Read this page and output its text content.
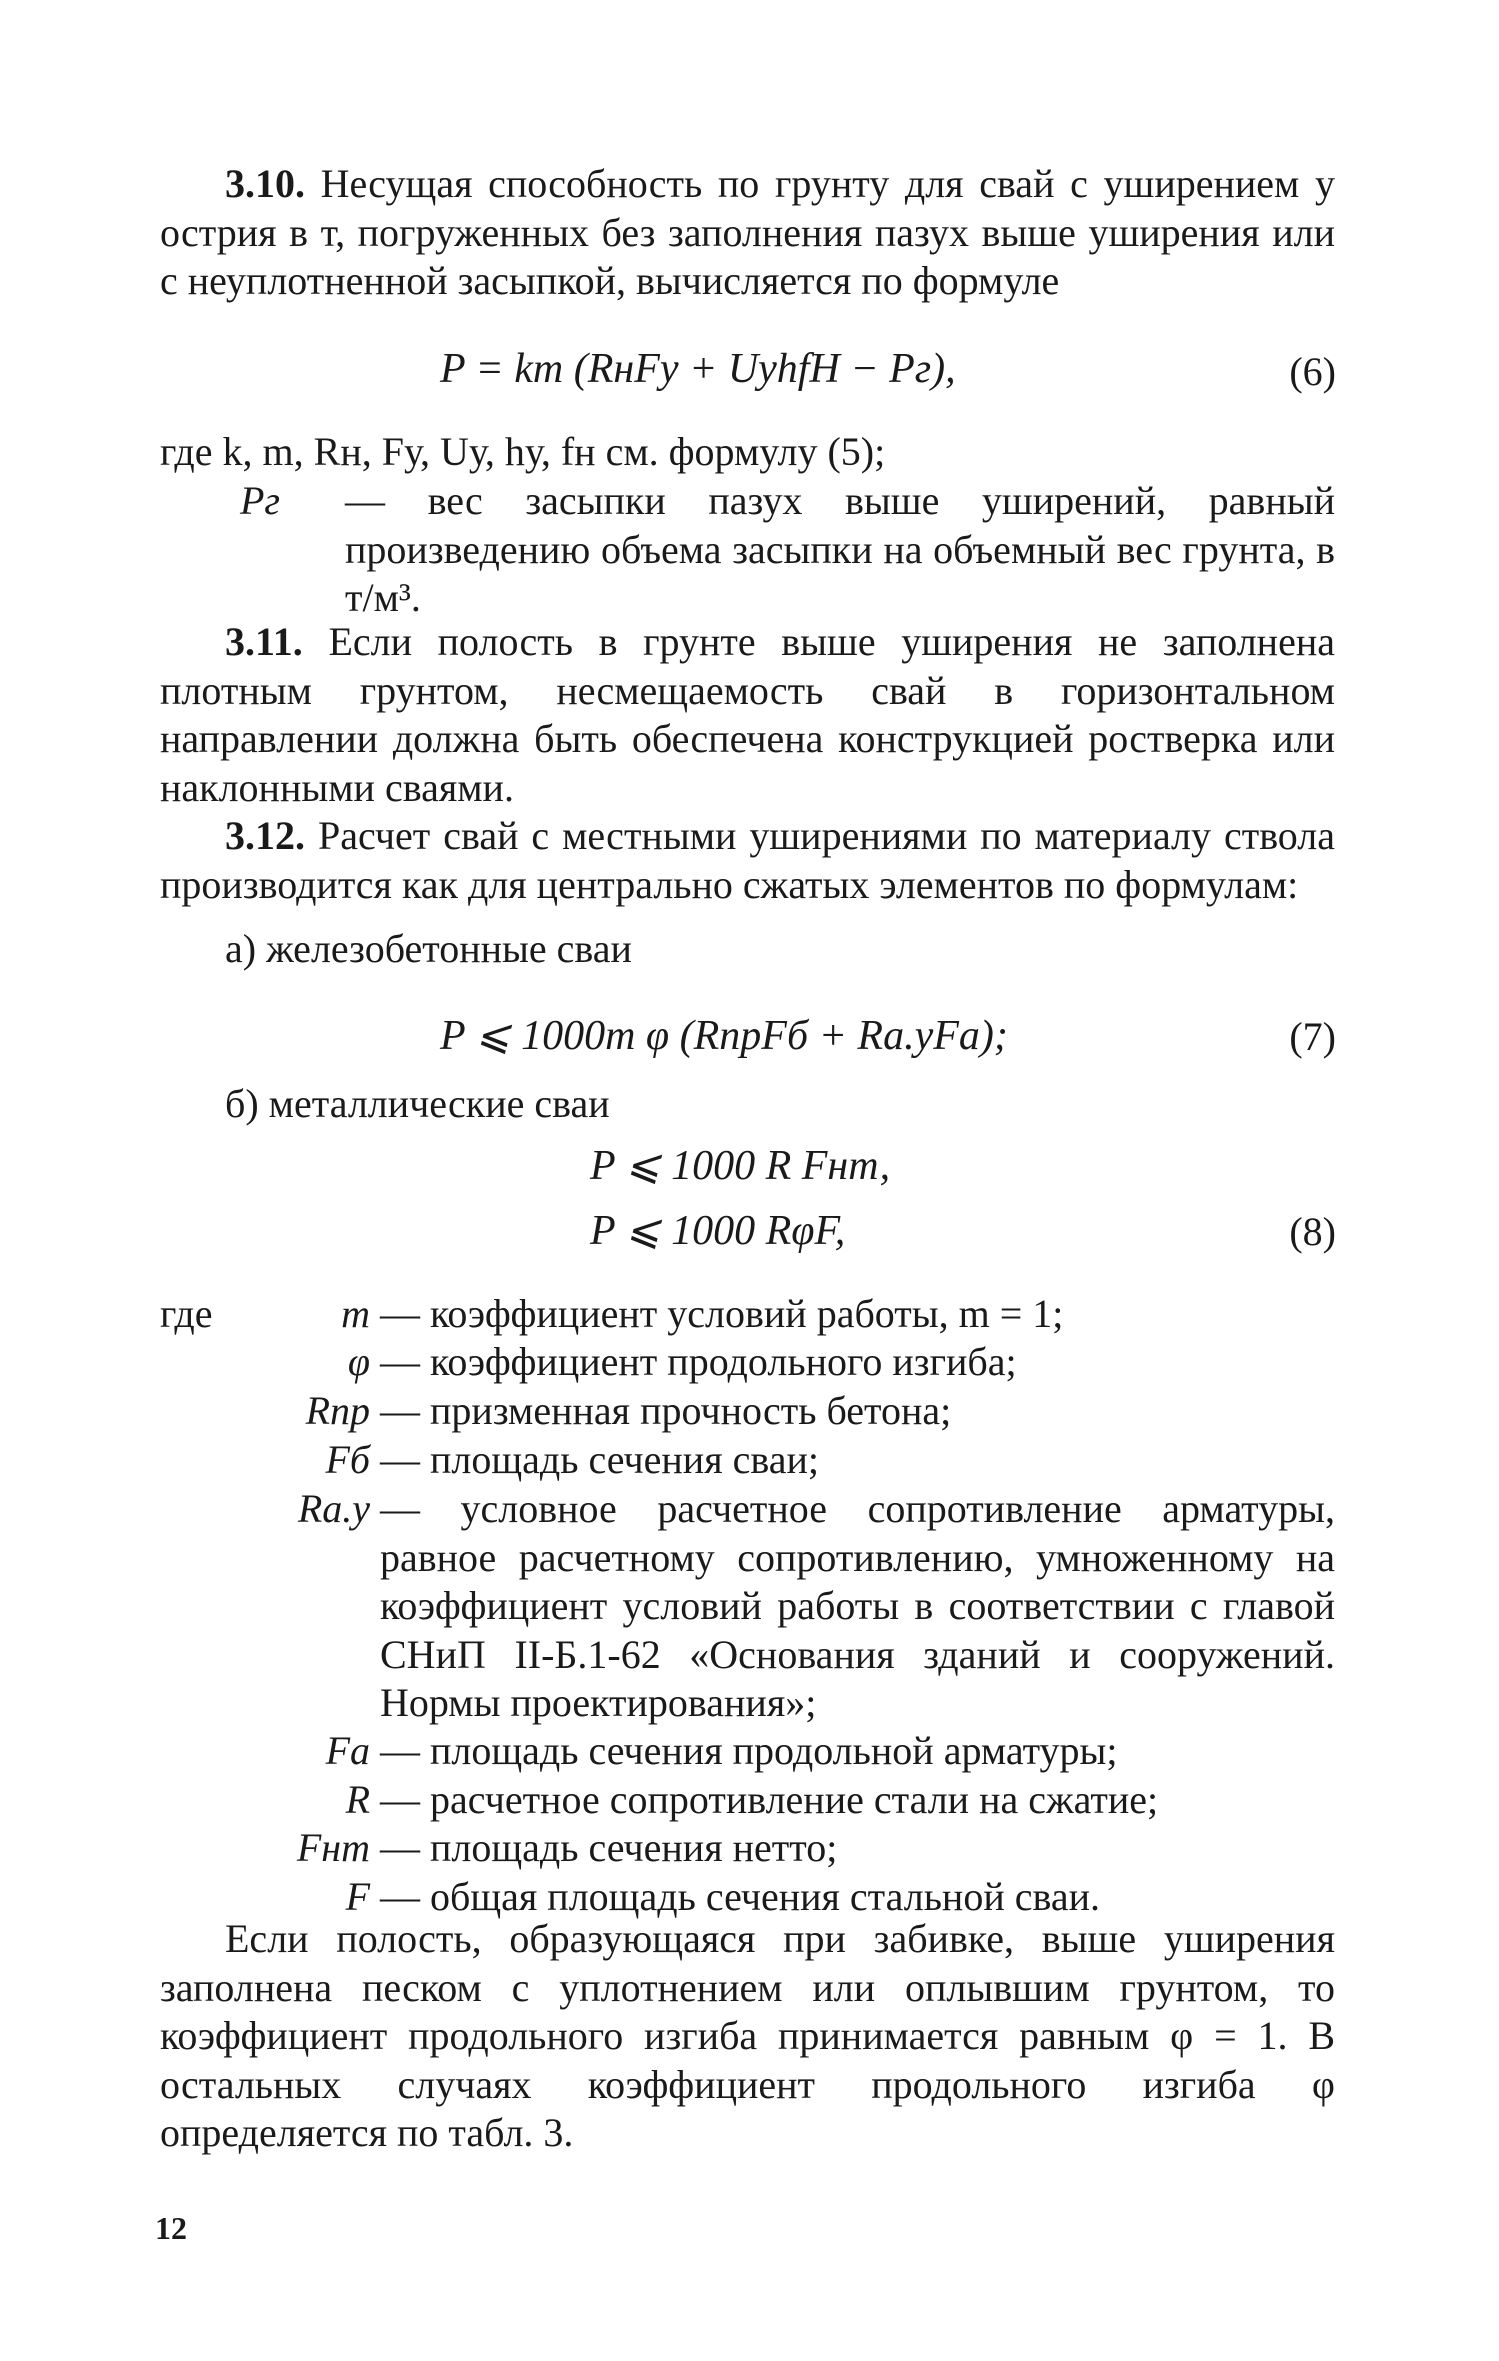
3.10. Несущая способность по грунту для свай с уширением у острия в т, погруженных без заполнения пазух выше уширения или с неуплотненной засыпкой, вычисляется по формуле
P = km (RнFу + UуhfH − Pг),	(6)
где k, m, Rн, Fу, Uу, hу, fн см. формулу (5);
Pг	— вес засыпки пазух выше уширений, равный произведению объема засыпки на объемный вес грунта, в т/м³.
3.11. Если полость в грунте выше уширения не заполнена плотным грунтом, несмещаемость свай в горизонтальном направлении должна быть обеспечена конструкцией ростверка или наклонными сваями.
3.12. Расчет свай с местными уширениями по материалу ствола производится как для центрально сжатых элементов по формулам:
а) железобетонные сваи
P ⩽ 1000m φ (RпрFб + Rа.уFа);	(7)
б) металлические сваи
P ⩽ 1000 R Fнт,
P ⩽ 1000 RφF,	(8)
где	m — коэффициент условий работы, m = 1;
φ — коэффициент продольного изгиба;
Rпр — призменная прочность бетона;
Fб — площадь сечения сваи;
Rа.у — условное расчетное сопротивление арматуры, равное расчетному сопротивлению, умноженному на коэффициент условий работы в соответствии с главой СНиП II-Б.1-62 «Основания зданий и сооружений. Нормы проектирования»;
Fа — площадь сечения продольной арматуры;
R — расчетное сопротивление стали на сжатие;
Fнт — площадь сечения нетто;
F — общая площадь сечения стальной сваи.
Если полость, образующаяся при забивке, выше уширения заполнена песком с уплотнением или оплывшим грунтом, то коэффициент продольного изгиба принимается равным φ = 1. В остальных случаях коэффициент продольного изгиба φ определяется по табл. 3.
12
